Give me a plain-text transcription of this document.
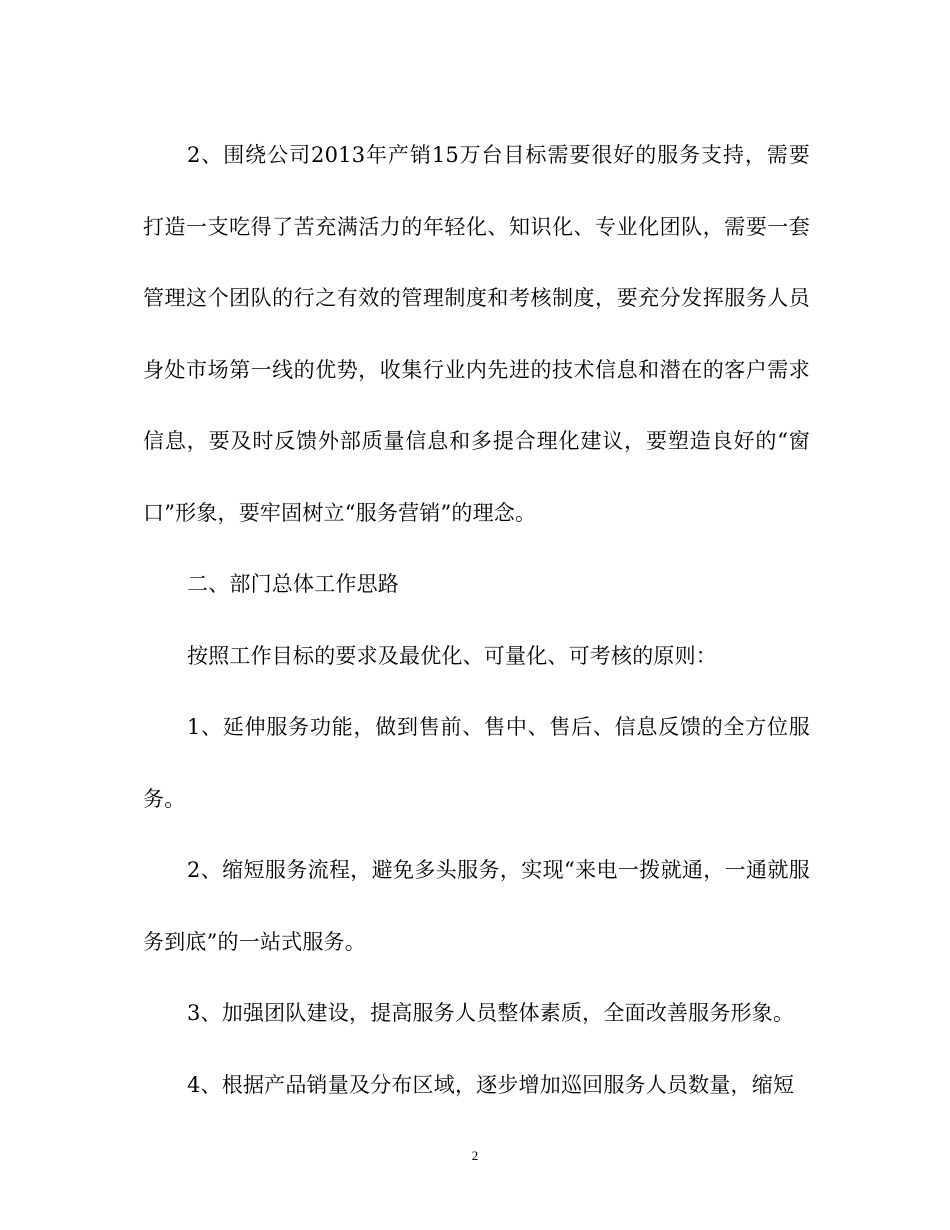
2、围绕公司2013年产销15万台目标需要很好的服务支持，需要打造一支吃得了苦充满活力的年轻化、知识化、专业化团队，需要一套管理这个团队的行之有效的管理制度和考核制度，要充分发挥服务人员身处市场第一线的优势，收集行业内先进的技术信息和潜在的客户需求信息，要及时反馈外部质量信息和多提合理化建议，要塑造良好的“窗口”形象，要牢固树立“服务营销”的理念。

二、部门总体工作思路

按照工作目标的要求及最优化、可量化、可考核的原则：

1、延伸服务功能，做到售前、售中、售后、信息反馈的全方位服务。

2、缩短服务流程，避免多头服务，实现“来电一拨就通，一通就服务到底”的一站式服务。

3、加强团队建设，提高服务人员整体素质，全面改善服务形象。

4、根据产品销量及分布区域，逐步增加巡回服务人员数量，缩短

2
